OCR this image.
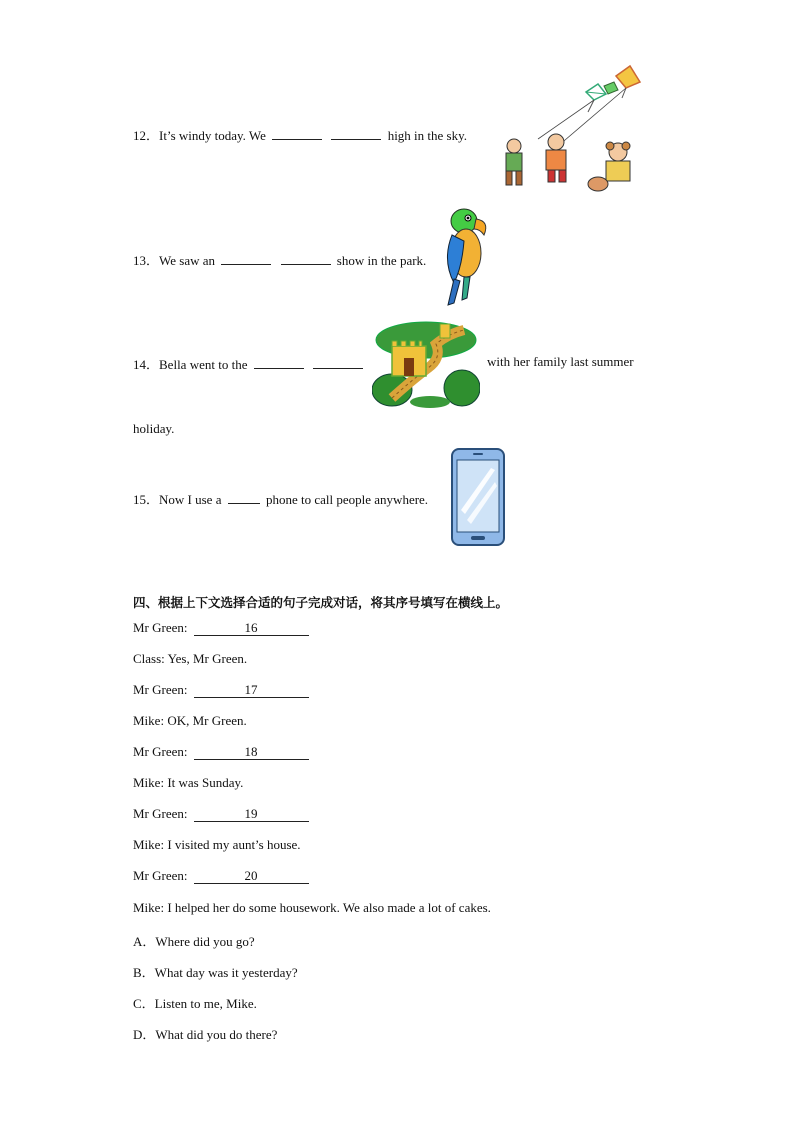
12．It’s windy today. We	high in the sky.
13．We saw an	show in the park.
14．Bella went to the	with her family last summer
holiday.
15．Now I use a	phone to call people anywhere.
四、根据上下文选择合适的句子完成对话，将其序号填写在横线上。
Mr Green:	16
Class: Yes, Mr Green.
Mr Green:	17
Mike: OK, Mr Green.
Mr Green:	18
Mike: It was Sunday.
Mr Green:	19
Mike: I visited my aunt’s house.
Mr Green:	20
Mike: I helped her do some housework. We also made a lot of cakes.
A．Where did you go?
B．What day was it yesterday?
C．Listen to me, Mike.
D．What did you do there?
